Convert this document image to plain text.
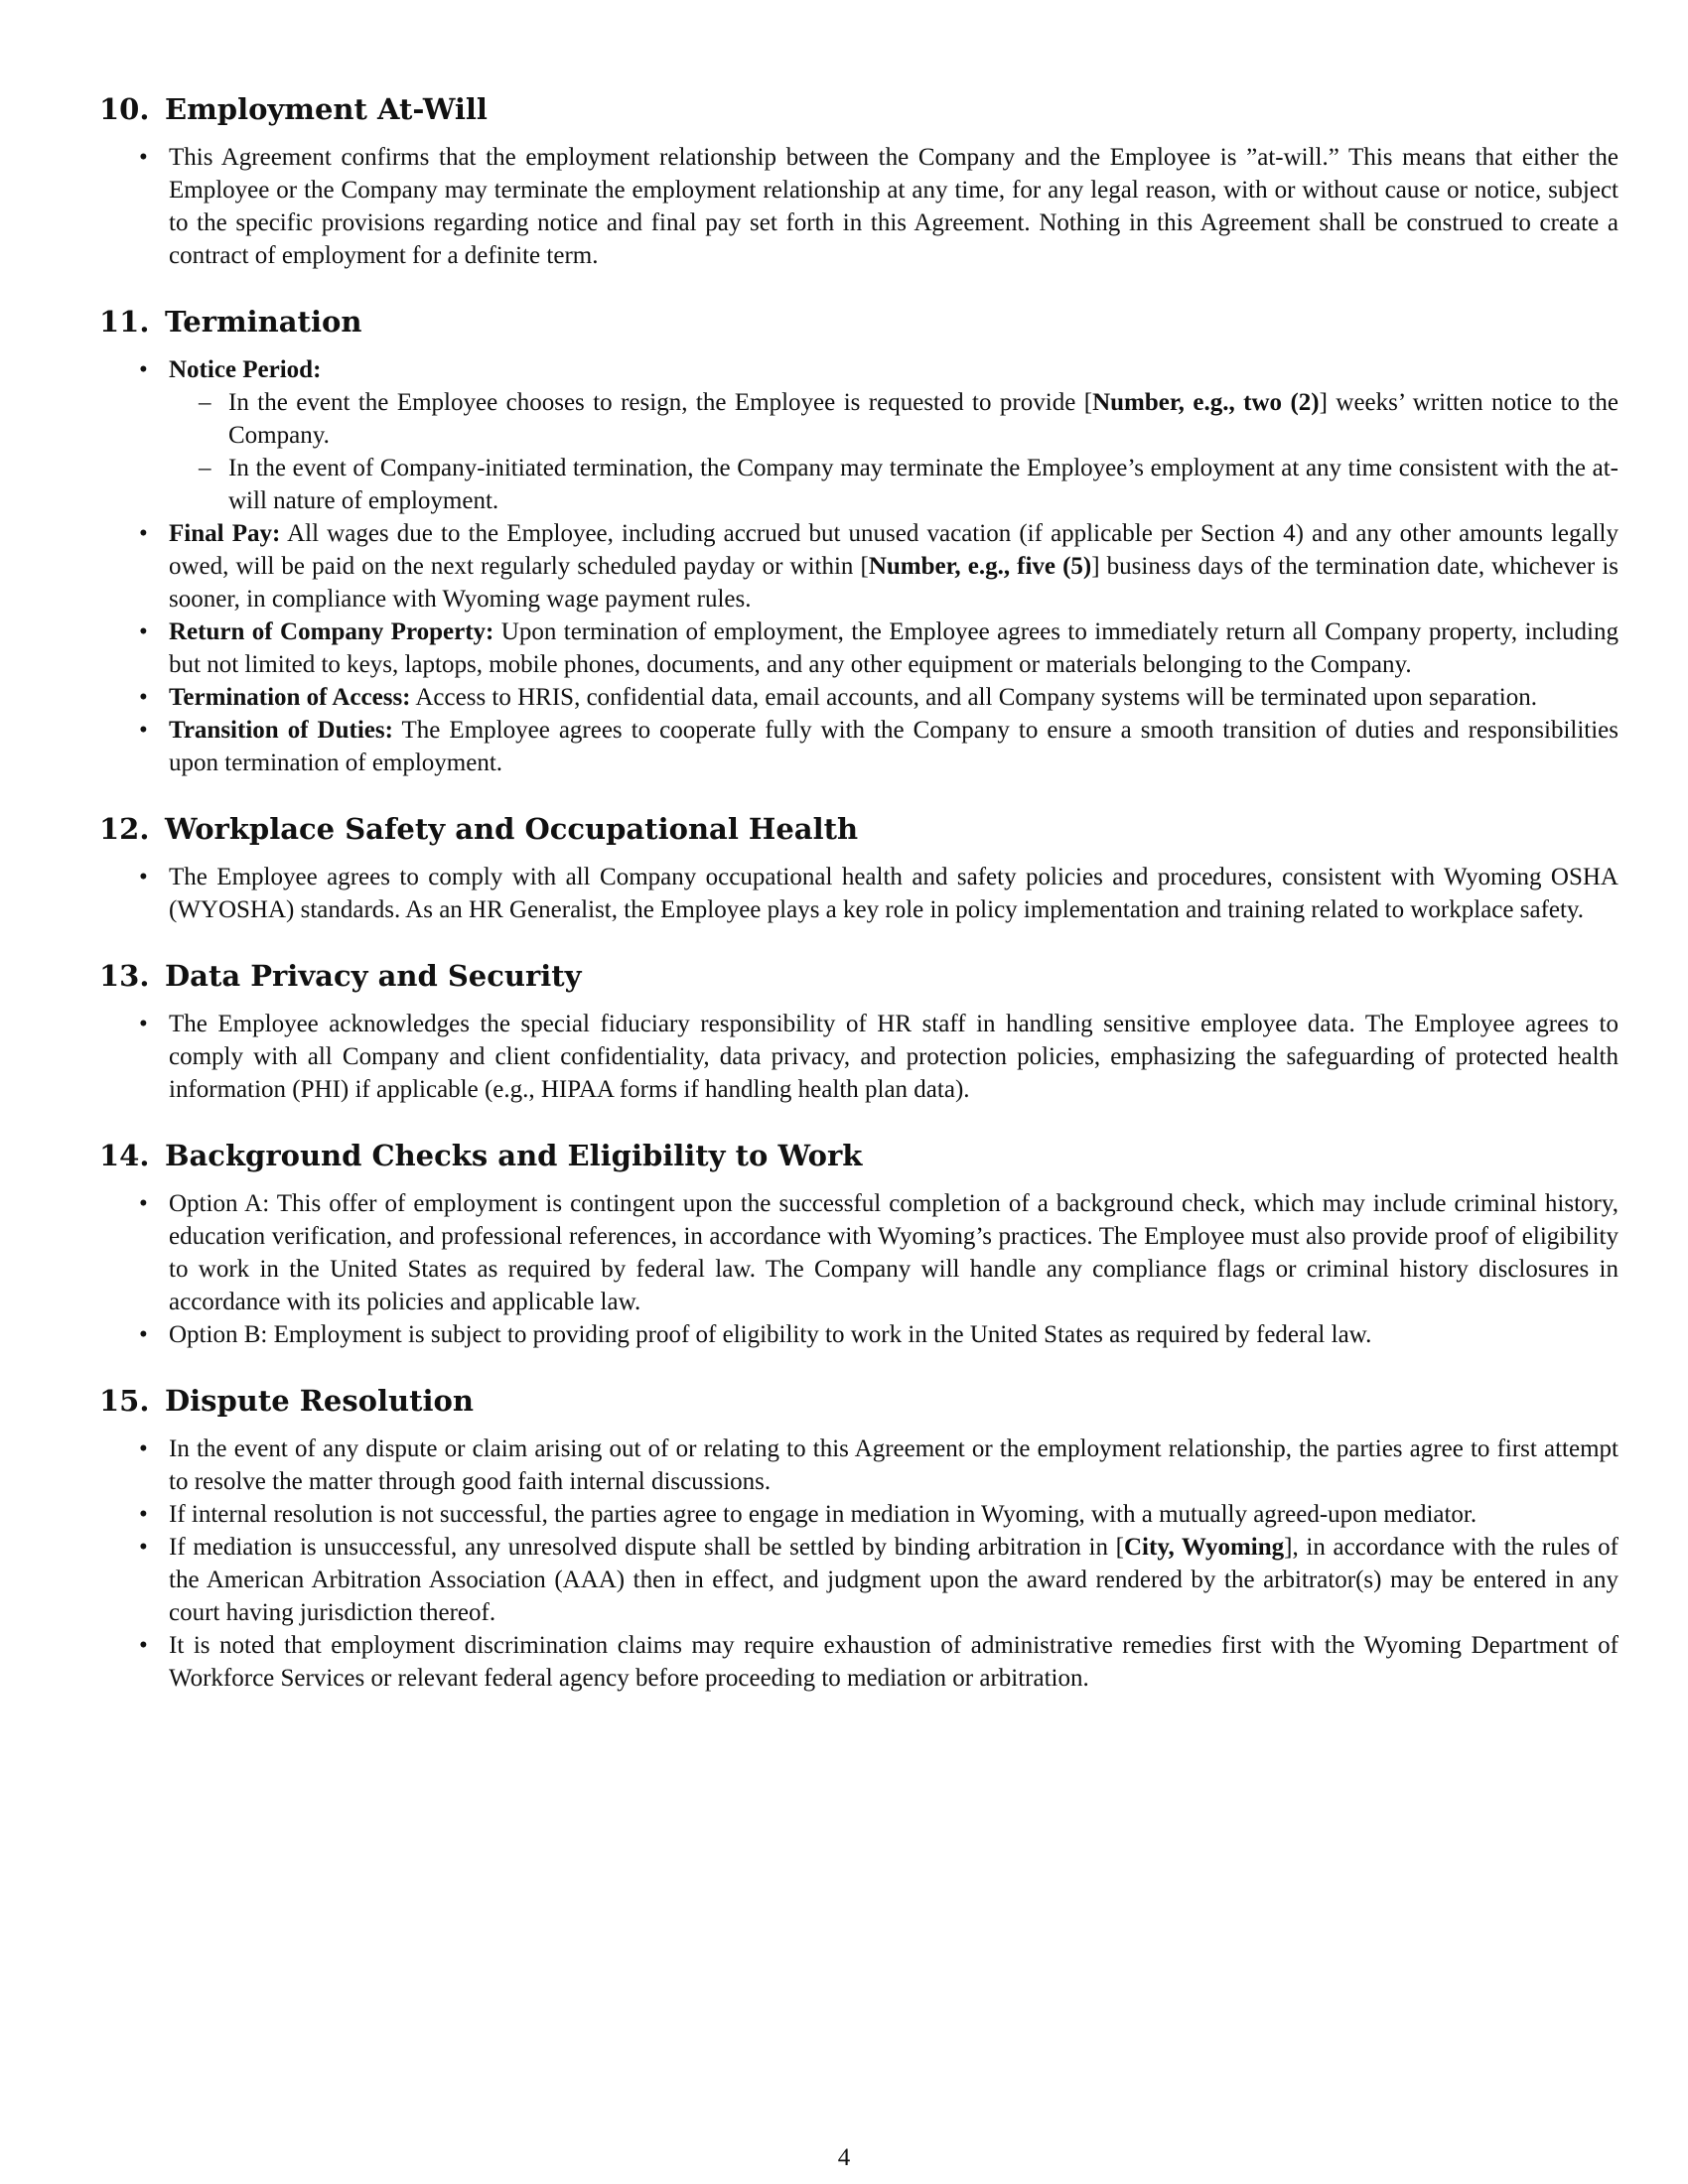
10. Employment At-Will
• This Agreement confirms that the employment relationship between the Company and the Employee is ”at-will.” This means that either the Employee or the Company may terminate the employment relationship at any time, for any legal reason, with or without cause or notice, subject to the specific provisions regarding notice and final pay set forth in this Agreement. Nothing in this Agreement shall be construed to create a contract of employment for a definite term.
11. Termination
• Notice Period:
– In the event the Employee chooses to resign, the Employee is requested to provide [Number, e.g., two (2)] weeks’ written notice to the Company.
– In the event of Company-initiated termination, the Company may terminate the Employee’s employment at any time consistent with the at-will nature of employment.
• Final Pay: All wages due to the Employee, including accrued but unused vacation (if applicable per Section 4) and any other amounts legally owed, will be paid on the next regularly scheduled payday or within [Number, e.g., five (5)] business days of the termination date, whichever is sooner, in compliance with Wyoming wage payment rules.
• Return of Company Property: Upon termination of employment, the Employee agrees to immediately return all Company property, including but not limited to keys, laptops, mobile phones, documents, and any other equipment or materials belonging to the Company.
• Termination of Access: Access to HRIS, confidential data, email accounts, and all Company systems will be terminated upon separation.
• Transition of Duties: The Employee agrees to cooperate fully with the Company to ensure a smooth transition of duties and responsibilities upon termination of employment.
12. Workplace Safety and Occupational Health
• The Employee agrees to comply with all Company occupational health and safety policies and procedures, consistent with Wyoming OSHA (WYOSHA) standards. As an HR Generalist, the Employee plays a key role in policy implementation and training related to workplace safety.
13. Data Privacy and Security
• The Employee acknowledges the special fiduciary responsibility of HR staff in handling sensitive employee data. The Employee agrees to comply with all Company and client confidentiality, data privacy, and protection policies, emphasizing the safeguarding of protected health information (PHI) if applicable (e.g., HIPAA forms if handling health plan data).
14. Background Checks and Eligibility to Work
• Option A: This offer of employment is contingent upon the successful completion of a background check, which may include criminal history, education verification, and professional references, in accordance with Wyoming’s practices. The Employee must also provide proof of eligibility to work in the United States as required by federal law. The Company will handle any compliance flags or criminal history disclosures in accordance with its policies and applicable law.
• Option B: Employment is subject to providing proof of eligibility to work in the United States as required by federal law.
15. Dispute Resolution
• In the event of any dispute or claim arising out of or relating to this Agreement or the employment relationship, the parties agree to first attempt to resolve the matter through good faith internal discussions.
• If internal resolution is not successful, the parties agree to engage in mediation in Wyoming, with a mutually agreed-upon mediator.
• If mediation is unsuccessful, any unresolved dispute shall be settled by binding arbitration in [City, Wyoming], in accordance with the rules of the American Arbitration Association (AAA) then in effect, and judgment upon the award rendered by the arbitrator(s) may be entered in any court having jurisdiction thereof.
• It is noted that employment discrimination claims may require exhaustion of administrative remedies first with the Wyoming Department of Workforce Services or relevant federal agency before proceeding to mediation or arbitration.
4
